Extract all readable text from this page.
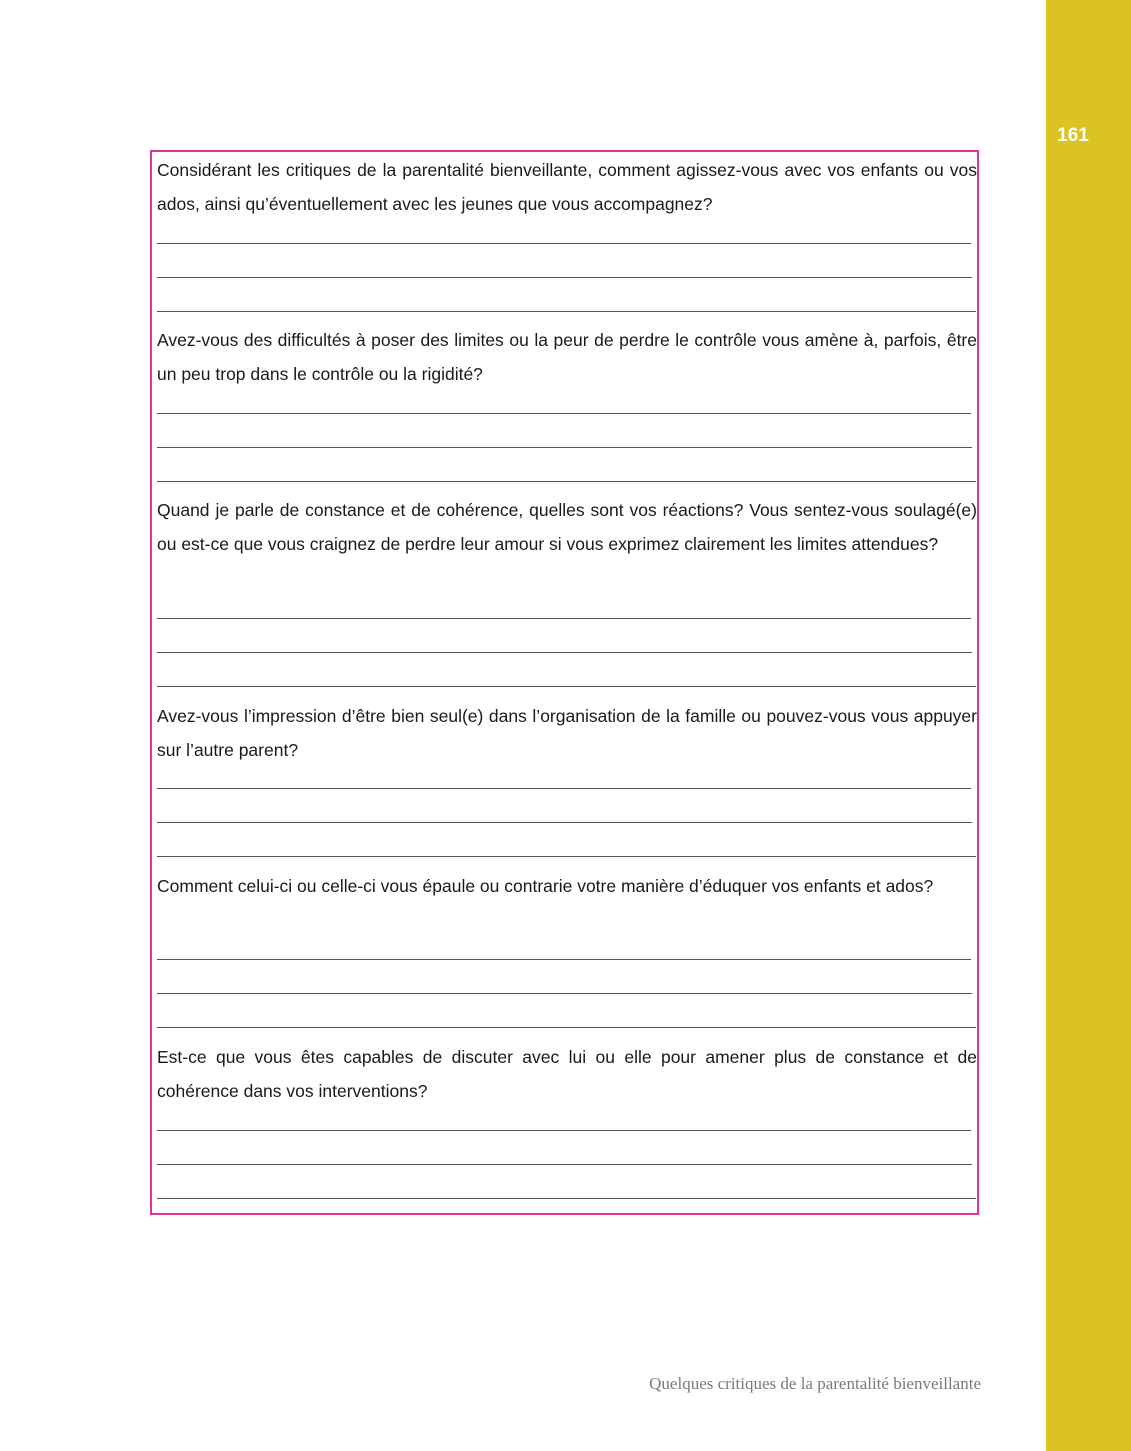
161

Considérant les critiques de la parentalité bienveillante, comment agissez-vous avec vos enfants ou vos ados, ainsi qu’éventuellement avec les jeunes que vous accompagnez?

Avez-vous des difficultés à poser des limites ou la peur de perdre le contrôle vous amène à, parfois, être un peu trop dans le contrôle ou la rigidité?

Quand je parle de constance et de cohérence, quelles sont vos réactions? Vous sentez-vous soulagé(e) ou est-ce que vous craignez de perdre leur amour si vous exprimez clairement les limites attendues?

Avez-vous l’impression d’être bien seul(e) dans l’organisation de la famille ou pouvez-vous vous appuyer sur l’autre parent?

Comment celui-ci ou celle-ci vous épaule ou contrarie votre manière d’éduquer vos enfants et ados?

Est-ce que vous êtes capables de discuter avec lui ou elle pour amener plus de constance et de cohérence dans vos interventions?

Quelques critiques de la parentalité bienveillante
